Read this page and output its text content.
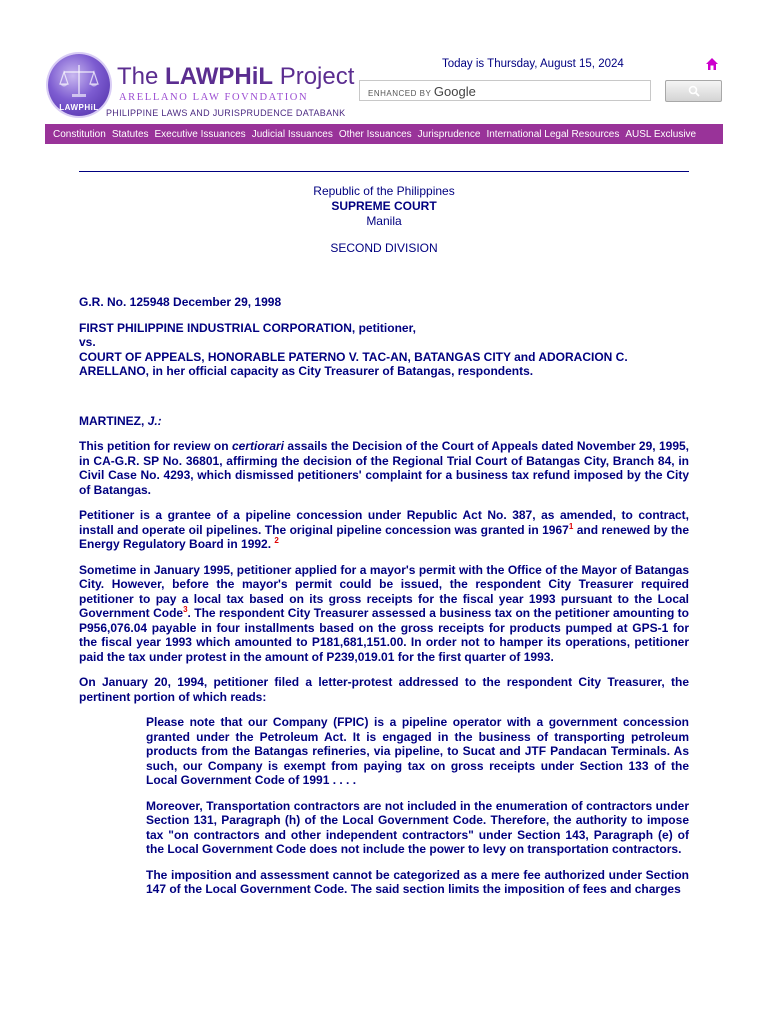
LAWPHiL
The LAWPHiL Project
ARELLANO LAW FOVNDATION
PHILIPPINE LAWS AND JURISPRUDENCE DATABANK
Today is Thursday, August 15, 2024
ENHANCED BY Google
Constitution Statutes Executive Issuances Judicial Issuances Other Issuances Jurisprudence International Legal Resources AUSL Exclusive
Republic of the Philippines
SUPREME COURT
Manila
SECOND DIVISION

G.R. No. 125948 December 29, 1998

FIRST PHILIPPINE INDUSTRIAL CORPORATION, petitioner,

vs.

COURT OF APPEALS, HONORABLE PATERNO V. TAC-AN, BATANGAS CITY and ADORACION C. ARELLANO, in her official capacity as City Treasurer of Batangas, respondents.

MARTINEZ, J.:

This petition for review on certiorari assails the Decision of the Court of Appeals dated November 29, 1995, in CA-G.R. SP No. 36801, affirming the decision of the Regional Trial Court of Batangas City, Branch 84, in Civil Case No. 4293, which dismissed petitioners' complaint for a business tax refund imposed by the City of Batangas.

Petitioner is a grantee of a pipeline concession under Republic Act No. 387, as amended, to contract, install and operate oil pipelines. The original pipeline concession was granted in 1967$^1$ and renewed by the Energy Regulatory Board in 1992. $^2$

Sometime in January 1995, petitioner applied for a mayor's permit with the Office of the Mayor of Batangas City. However, before the mayor's permit could be issued, the respondent City Treasurer required petitioner to pay a local tax based on its gross receipts for the fiscal year 1993 pursuant to the Local Government Code$^3$. The respondent City Treasurer assessed a business tax on the petitioner amounting to P956,076.04 payable in four installments based on the gross receipts for products pumped at GPS-1 for the fiscal year 1993 which amounted to P181,681,151.00. In order not to hamper its operations, petitioner paid the tax under protest in the amount of P239,019.01 for the first quarter of 1993.

On January 20, 1994, petitioner filed a letter-protest addressed to the respondent City Treasurer, the pertinent portion of which reads:

Please note that our Company (FPIC) is a pipeline operator with a government concession granted under the Petroleum Act. It is engaged in the business of transporting petroleum products from the Batangas refineries, via pipeline, to Sucat and JTF Pandacan Terminals. As such, our Company is exempt from paying tax on gross receipts under Section 133 of the Local Government Code of 1991 . . . .

Moreover, Transportation contractors are not included in the enumeration of contractors under Section 131, Paragraph (h) of the Local Government Code. Therefore, the authority to impose tax "on contractors and other independent contractors" under Section 143, Paragraph (e) of the Local Government Code does not include the power to levy on transportation contractors.

The imposition and assessment cannot be categorized as a mere fee authorized under Section 147 of the Local Government Code. The said section limits the imposition of fees and charges
